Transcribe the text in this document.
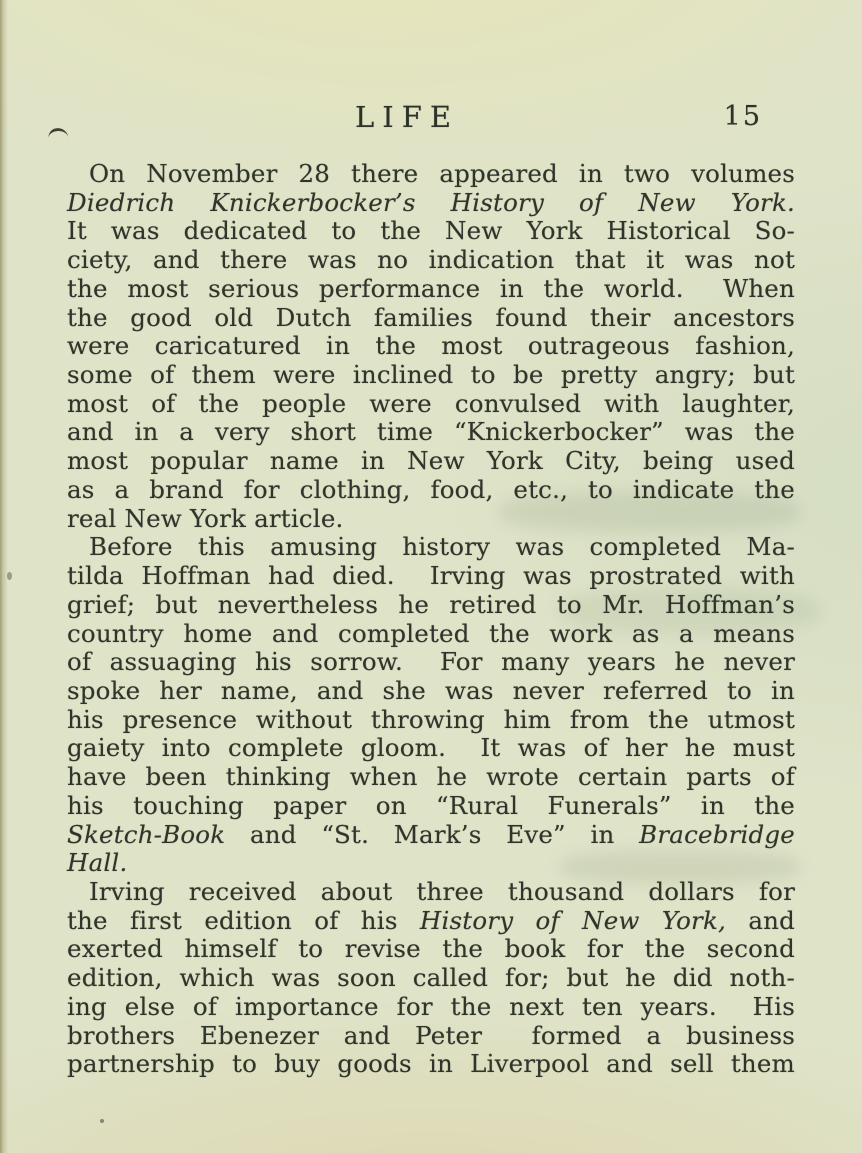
LIFE	15
On November 28 there appeared in two volumes
Diedrich Knickerbocker’s History of New York.
It was dedicated to the New York Historical So-
ciety, and there was no indication that it was not
the most serious performance in the world.  When
the good old Dutch families found their ancestors
were caricatured in the most outrageous fashion,
some of them were inclined to be pretty angry; but
most of the people were convulsed with laughter,
and in a very short time “Knickerbocker” was the
most popular name in New York City, being used
as a brand for clothing, food, etc., to indicate the
real New York article.
Before this amusing history was completed Ma-
tilda Hoffman had died.  Irving was prostrated with
grief; but nevertheless he retired to Mr. Hoffman’s
country home and completed the work as a means
of assuaging his sorrow.  For many years he never
spoke her name, and she was never referred to in
his presence without throwing him from the utmost
gaiety into complete gloom.  It was of her he must
have been thinking when he wrote certain parts of
his touching paper on “Rural Funerals” in the
Sketch-Book and “St. Mark’s Eve” in Bracebridge
Hall.
Irving received about three thousand dollars for
the first edition of his History of New York, and
exerted himself to revise the book for the second
edition, which was soon called for; but he did noth-
ing else of importance for the next ten years.  His
brothers Ebenezer and Peter  formed a business
partnership to buy goods in Liverpool and sell them
